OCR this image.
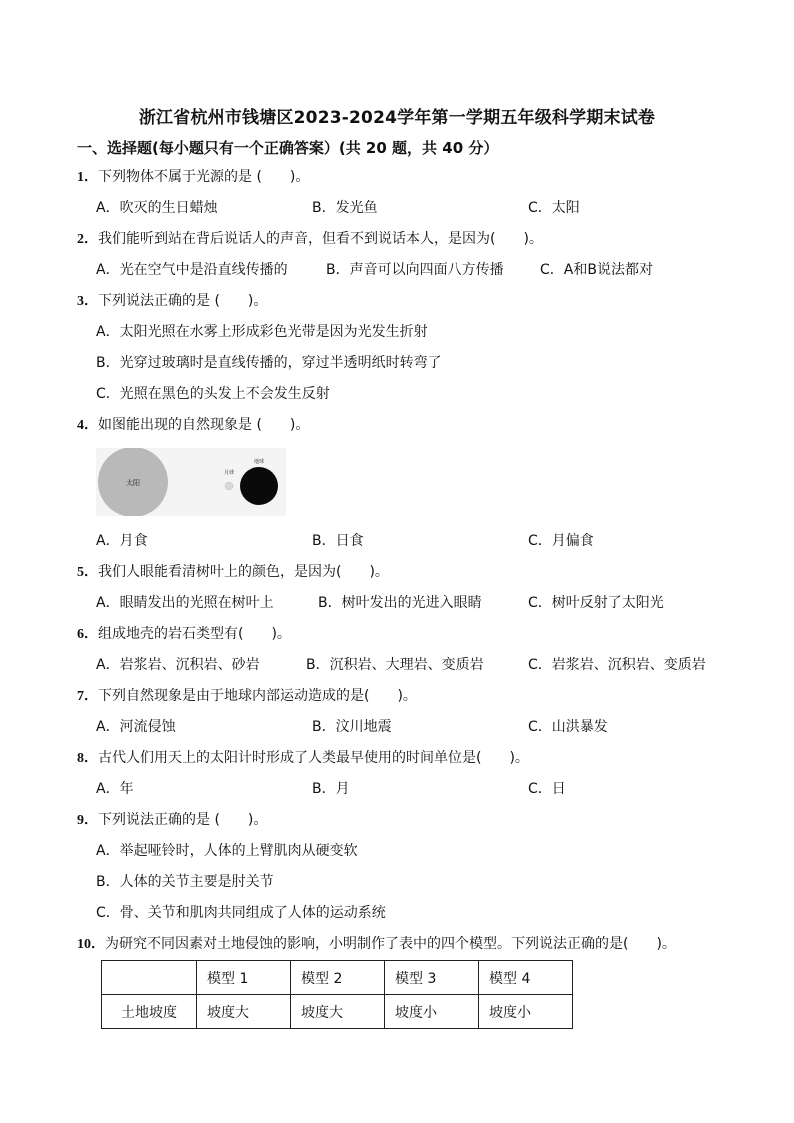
浙江省杭州市钱塘区2023-2024学年第一学期五年级科学期末试卷
一、选择题(每小题只有一个正确答案）(共 20 题，共 40 分）
1．下列物体不属于光源的是 (　　)。
A．吹灭的生日蜡烛	B．发光鱼	C．太阳
2．我们能听到站在背后说话人的声音，但看不到说话本人，是因为(　　)。
A．光在空气中是沿直线传播的	B．声音可以向四面八方传播	C．A和B说法都对
3．下列说法正确的是 (　　)。
A．太阳光照在水雾上形成彩色光带是因为光发生折射
B．光穿过玻璃时是直线传播的，穿过半透明纸时转弯了
C．光照在黑色的头发上不会发生反射
4．如图能出现的自然现象是 (　　)。
太阳
月球
地球
A．月食	B．日食	C．月偏食
5．我们人眼能看清树叶上的颜色，是因为(　　)。
A．眼睛发出的光照在树叶上	B．树叶发出的光进入眼睛	C．树叶反射了太阳光
6．组成地壳的岩石类型有(　　)。
A．岩浆岩、沉积岩、砂岩	B．沉积岩、大理岩、变质岩	C．岩浆岩、沉积岩、变质岩
7．下列自然现象是由于地球内部运动造成的是(　　)。
A．河流侵蚀	B．汶川地震	C．山洪暴发
8．古代人们用天上的太阳计时形成了人类最早使用的时间单位是(　　)。
A．年	B．月	C．日
9．下列说法正确的是 (　　)。
A．举起哑铃时，人体的上臂肌肉从硬变软
B．人体的关节主要是肘关节
C．骨、关节和肌肉共同组成了人体的运动系统
10．为研究不同因素对土地侵蚀的影响，小明制作了表中的四个模型。下列说法正确的是(　　)。
	模型 1	模型 2	模型 3	模型 4
土地坡度	坡度大	坡度大	坡度小	坡度小
